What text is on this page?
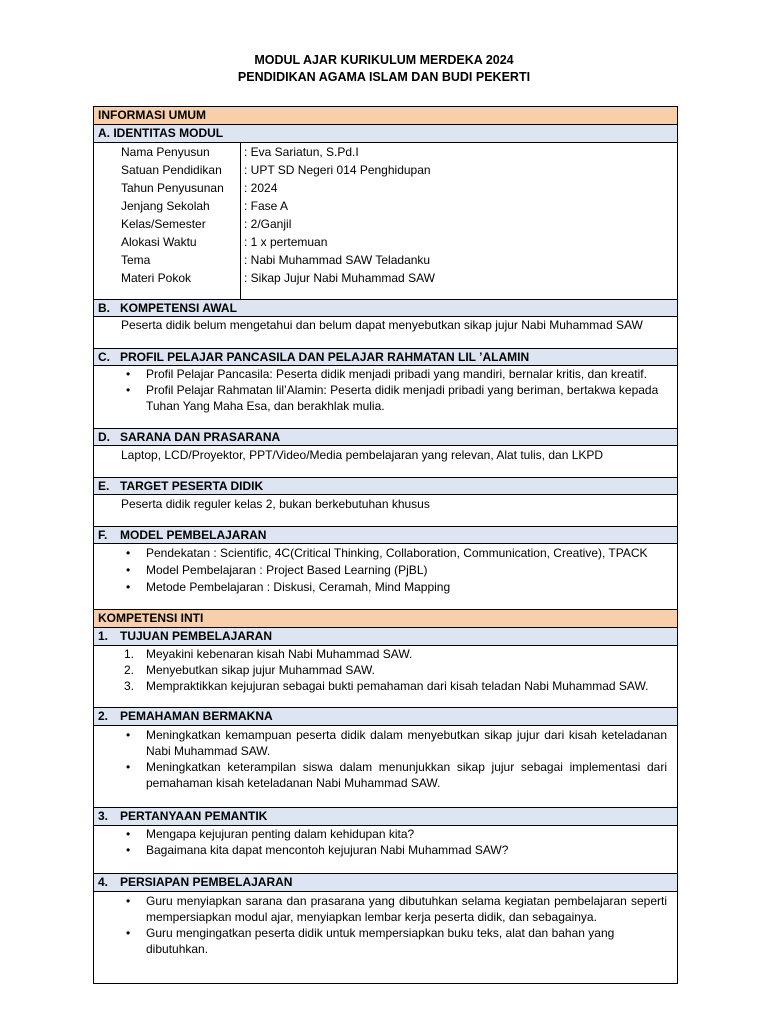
MODUL AJAR KURIKULUM MERDEKA 2024
PENDIDIKAN AGAMA ISLAM DAN BUDI PEKERTI
INFORMASI UMUM
A. IDENTITAS MODUL
Nama Penyusun	: Eva Sariatun, S.Pd.I
Satuan Pendidikan : UPT SD Negeri 014 Penghidupan
Tahun Penyusunan : 2024
Jenjang Sekolah	: Fase A
Kelas/Semester	: 2/Ganjil
Alokasi Waktu	: 1 x pertemuan
Tema	: Nabi Muhammad SAW Teladanku
Materi Pokok	: Sikap Jujur Nabi Muhammad SAW
B. KOMPETENSI AWAL
Peserta didik belum mengetahui dan belum dapat menyebutkan sikap jujur Nabi Muhammad SAW
C. PROFIL PELAJAR PANCASILA DAN PELAJAR RAHMATAN LIL ’ALAMIN
• Profil Pelajar Pancasila: Peserta didik menjadi pribadi yang mandiri, bernalar kritis, dan kreatif.
• Profil Pelajar Rahmatan lil’Alamin: Peserta didik menjadi pribadi yang beriman, bertakwa kepada Tuhan Yang Maha Esa, dan berakhlak mulia.
D. SARANA DAN PRASARANA
Laptop, LCD/Proyektor, PPT/Video/Media pembelajaran yang relevan, Alat tulis, dan LKPD
E. TARGET PESERTA DIDIK
Peserta didik reguler kelas 2, bukan berkebutuhan khusus
F. MODEL PEMBELAJARAN
• Pendekatan : Scientific, 4C(Critical Thinking, Collaboration, Communication, Creative), TPACK
• Model Pembelajaran : Project Based Learning (PjBL)
• Metode Pembelajaran : Diskusi, Ceramah, Mind Mapping
KOMPETENSI INTI
1. TUJUAN PEMBELAJARAN
1. Meyakini kebenaran kisah Nabi Muhammad SAW.
2. Menyebutkan sikap jujur Muhammad SAW.
3. Mempraktikkan kejujuran sebagai bukti pemahaman dari kisah teladan Nabi Muhammad SAW.
2. PEMAHAMAN BERMAKNA
• Meningkatkan kemampuan peserta didik dalam menyebutkan sikap jujur dari kisah keteladanan Nabi Muhammad SAW.
• Meningkatkan keterampilan siswa dalam menunjukkan sikap jujur sebagai implementasi dari pemahaman kisah keteladanan Nabi Muhammad SAW.
3. PERTANYAAN PEMANTIK
• Mengapa kejujuran penting dalam kehidupan kita?
• Bagaimana kita dapat mencontoh kejujuran Nabi Muhammad SAW?
4. PERSIAPAN PEMBELAJARAN
• Guru menyiapkan sarana dan prasarana yang dibutuhkan selama kegiatan pembelajaran seperti mempersiapkan modul ajar, menyiapkan lembar kerja peserta didik, dan sebagainya.
• Guru mengingatkan peserta didik untuk mempersiapkan buku teks, alat dan bahan yang dibutuhkan.
